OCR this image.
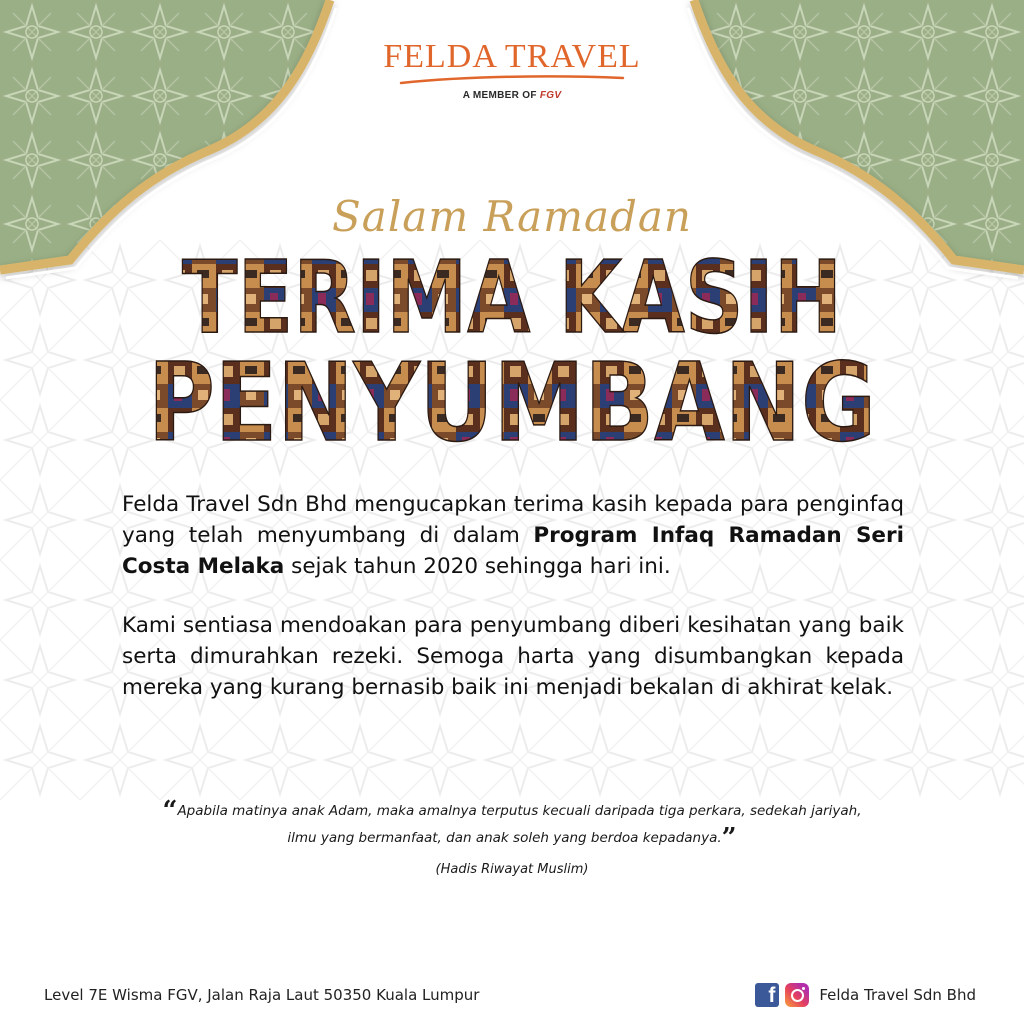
FELDA TRAVEL
A MEMBER OF FGV
Salam Ramadan
TERIMA KASIH
PENYUMBANG
Felda Travel Sdn Bhd mengucapkan terima kasih kepada para penginfaq yang telah menyumbang di dalam Program Infaq Ramadan Seri Costa Melaka sejak tahun 2020 sehingga hari ini.
Kami sentiasa mendoakan para penyumbang diberi kesihatan yang baik serta dimurahkan rezeki. Semoga harta yang disumbangkan kepada mereka yang kurang bernasib baik ini menjadi bekalan di akhirat kelak.
“Apabila matinya anak Adam, maka amalnya terputus kecuali daripada tiga perkara, sedekah jariyah, ilmu yang bermanfaat, dan anak soleh yang berdoa kepadanya.”
(Hadis Riwayat Muslim)
Level 7E Wisma FGV, Jalan Raja Laut 50350 Kuala Lumpur	f	Felda Travel Sdn Bhd
